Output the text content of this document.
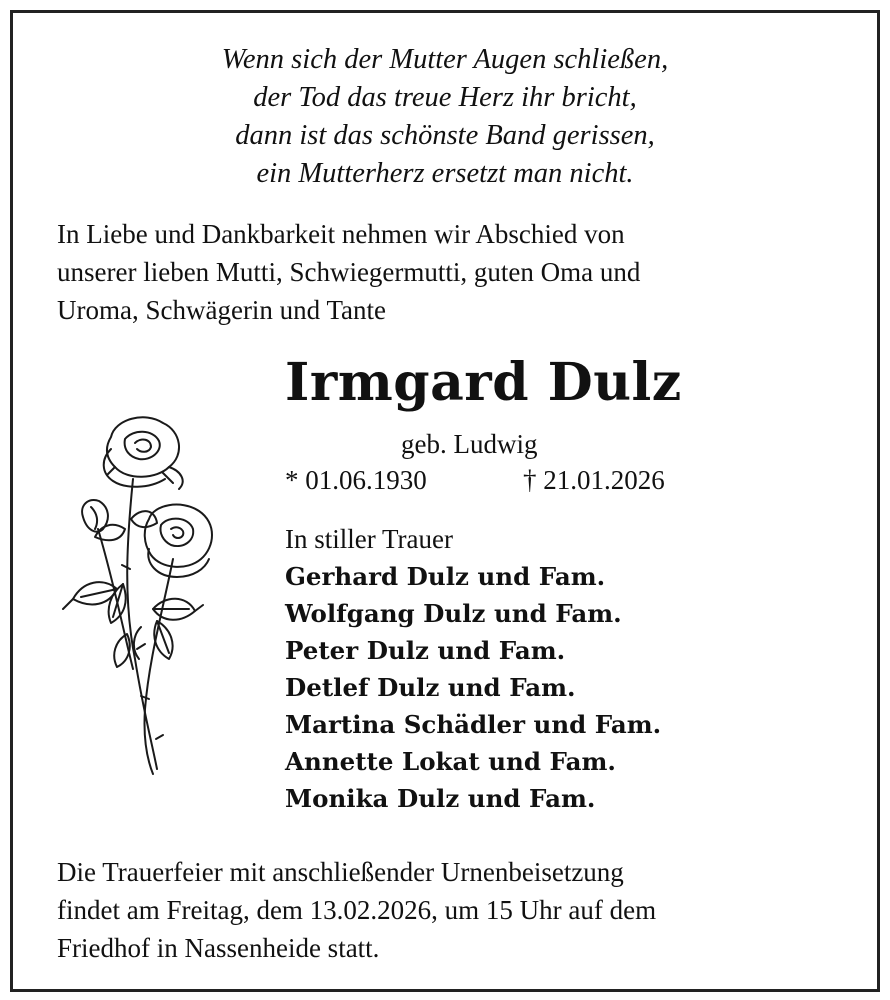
Wenn sich der Mutter Augen schließen,
der Tod das treue Herz ihr bricht,
dann ist das schönste Band gerissen,
ein Mutterherz ersetzt man nicht.
In Liebe und Dankbarkeit nehmen wir Abschied von
unserer lieben Mutti, Schwiegermutti, guten Oma und
Uroma, Schwägerin und Tante
Irmgard Dulz
geb. Ludwig
* 01.06.1930	† 21.01.2026
In stiller Trauer
Gerhard Dulz und Fam.
Wolfgang Dulz und Fam.
Peter Dulz und Fam.
Detlef Dulz und Fam.
Martina Schädler und Fam.
Annette Lokat und Fam.
Monika Dulz und Fam.
Die Trauerfeier mit anschließender Urnenbeisetzung
findet am Freitag, dem 13.02.2026, um 15 Uhr auf dem
Friedhof in Nassenheide statt.
